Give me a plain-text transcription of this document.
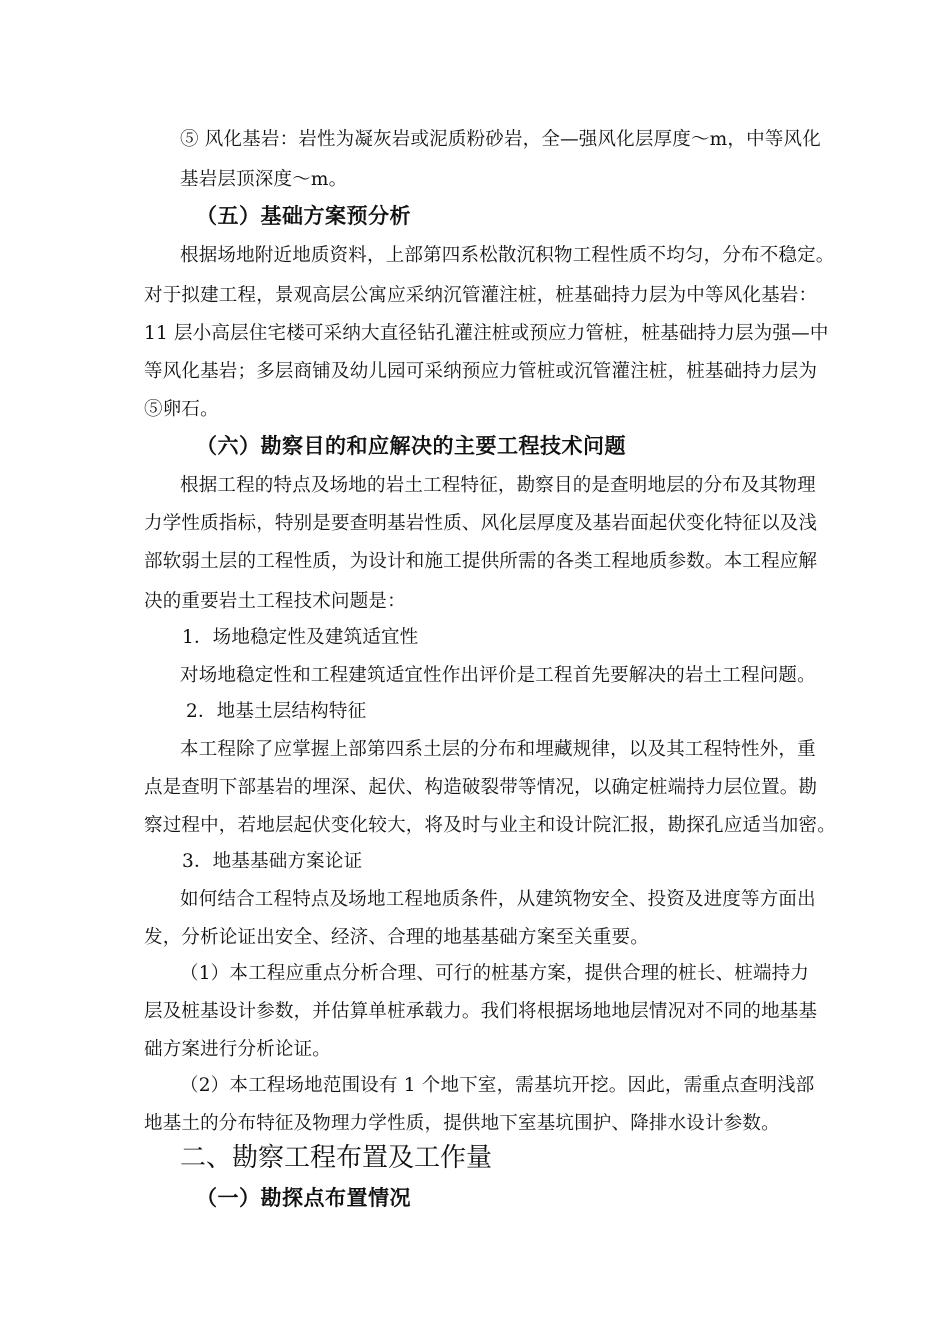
⑤ 风化基岩：岩性为凝灰岩或泥质粉砂岩，全—强风化层厚度～m，中等风化
基岩层顶深度～m。
（五）基础方案预分析
根据场地附近地质资料，上部第四系松散沉积物工程性质不均匀，分布不稳定。
对于拟建工程，景观高层公寓应采纳沉管灌注桩，桩基础持力层为中等风化基岩：
11 层小高层住宅楼可采纳大直径钻孔灌注桩或预应力管桩，桩基础持力层为强—中
等风化基岩；多层商铺及幼儿园可采纳预应力管桩或沉管灌注桩，桩基础持力层为
⑤卵石。
（六）勘察目的和应解决的主要工程技术问题
根据工程的特点及场地的岩土工程特征，勘察目的是查明地层的分布及其物理
力学性质指标，特别是要查明基岩性质、风化层厚度及基岩面起伏变化特征以及浅
部软弱土层的工程性质，为设计和施工提供所需的各类工程地质参数。本工程应解
决的重要岩土工程技术问题是：
1．场地稳定性及建筑适宜性
对场地稳定性和工程建筑适宜性作出评价是工程首先要解决的岩土工程问题。
2．地基土层结构特征
本工程除了应掌握上部第四系土层的分布和埋藏规律，以及其工程特性外，重
点是查明下部基岩的埋深、起伏、构造破裂带等情况，以确定桩端持力层位置。勘
察过程中，若地层起伏变化较大，将及时与业主和设计院汇报，勘探孔应适当加密。
3．地基基础方案论证
如何结合工程特点及场地工程地质条件，从建筑物安全、投资及进度等方面出
发，分析论证出安全、经济、合理的地基基础方案至关重要。
（1）本工程应重点分析合理、可行的桩基方案，提供合理的桩长、桩端持力
层及桩基设计参数，并估算单桩承载力。我们将根据场地地层情况对不同的地基基
础方案进行分析论证。
（2）本工程场地范围设有 1 个地下室，需基坑开挖。因此，需重点查明浅部
地基土的分布特征及物理力学性质，提供地下室基坑围护、降排水设计参数。
二、勘察工程布置及工作量
（一）勘探点布置情况
